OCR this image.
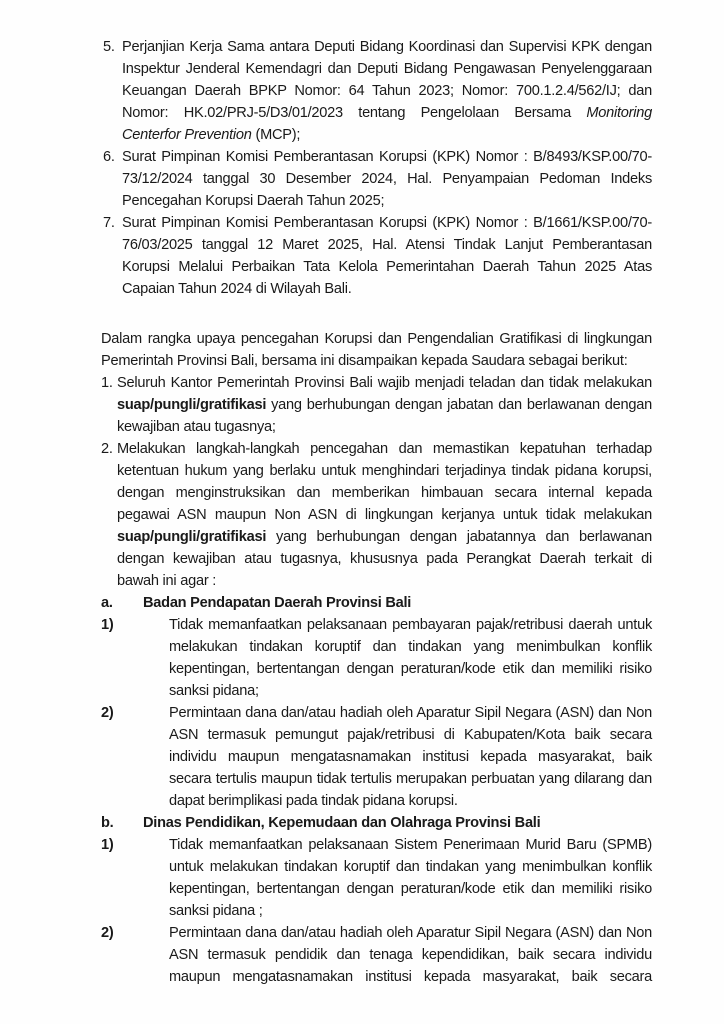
5. Perjanjian Kerja Sama antara Deputi Bidang Koordinasi dan Supervisi KPK dengan Inspektur Jenderal Kemendagri dan Deputi Bidang Pengawasan Penyelenggaraan Keuangan Daerah BPKP Nomor: 64 Tahun 2023; Nomor: 700.1.2.4/562/IJ; dan Nomor: HK.02/PRJ-5/D3/01/2023 tentang Pengelolaan Bersama Monitoring Centerfor Prevention (MCP);
6. Surat Pimpinan Komisi Pemberantasan Korupsi (KPK) Nomor : B/8493/KSP.00/70-73/12/2024 tanggal 30 Desember 2024, Hal. Penyampaian Pedoman Indeks Pencegahan Korupsi Daerah Tahun 2025;
7. Surat Pimpinan Komisi Pemberantasan Korupsi (KPK) Nomor : B/1661/KSP.00/70-76/03/2025 tanggal 12 Maret 2025, Hal. Atensi Tindak Lanjut Pemberantasan Korupsi Melalui Perbaikan Tata Kelola Pemerintahan Daerah Tahun 2025 Atas Capaian Tahun 2024 di Wilayah Bali.
Dalam rangka upaya pencegahan Korupsi dan Pengendalian Gratifikasi di lingkungan Pemerintah Provinsi Bali, bersama ini disampaikan kepada Saudara sebagai berikut:
1. Seluruh Kantor Pemerintah Provinsi Bali wajib menjadi teladan dan tidak melakukan suap/pungli/gratifikasi yang berhubungan dengan jabatan dan berlawanan dengan kewajiban atau tugasnya;
2. Melakukan langkah-langkah pencegahan dan memastikan kepatuhan terhadap ketentuan hukum yang berlaku untuk menghindari terjadinya tindak pidana korupsi, dengan menginstruksikan dan memberikan himbauan secara internal kepada pegawai ASN maupun Non ASN di lingkungan kerjanya untuk tidak melakukan suap/pungli/gratifikasi yang berhubungan dengan jabatannya dan berlawanan dengan kewajiban atau tugasnya, khususnya pada Perangkat Daerah terkait di bawah ini agar :
a. Badan Pendapatan Daerah Provinsi Bali
1)	Tidak memanfaatkan pelaksanaan pembayaran pajak/retribusi daerah untuk melakukan tindakan koruptif dan tindakan yang menimbulkan konflik kepentingan, bertentangan dengan peraturan/kode etik dan memiliki risiko sanksi pidana;
2)	Permintaan dana dan/atau hadiah oleh Aparatur Sipil Negara (ASN) dan Non ASN termasuk pemungut pajak/retribusi di Kabupaten/Kota baik secara individu maupun mengatasnamakan institusi kepada masyarakat, baik secara tertulis maupun tidak tertulis merupakan perbuatan yang dilarang dan dapat berimplikasi pada tindak pidana korupsi.
b. Dinas Pendidikan, Kepemudaan dan Olahraga Provinsi Bali
1)	Tidak memanfaatkan pelaksanaan Sistem Penerimaan Murid Baru (SPMB) untuk melakukan tindakan koruptif dan tindakan yang menimbulkan konflik kepentingan, bertentangan dengan peraturan/kode etik dan memiliki risiko sanksi pidana ;
2)	Permintaan dana dan/atau hadiah oleh Aparatur Sipil Negara (ASN) dan Non ASN termasuk pendidik dan tenaga kependidikan, baik secara individu maupun mengatasnamakan institusi kepada masyarakat, baik secara
